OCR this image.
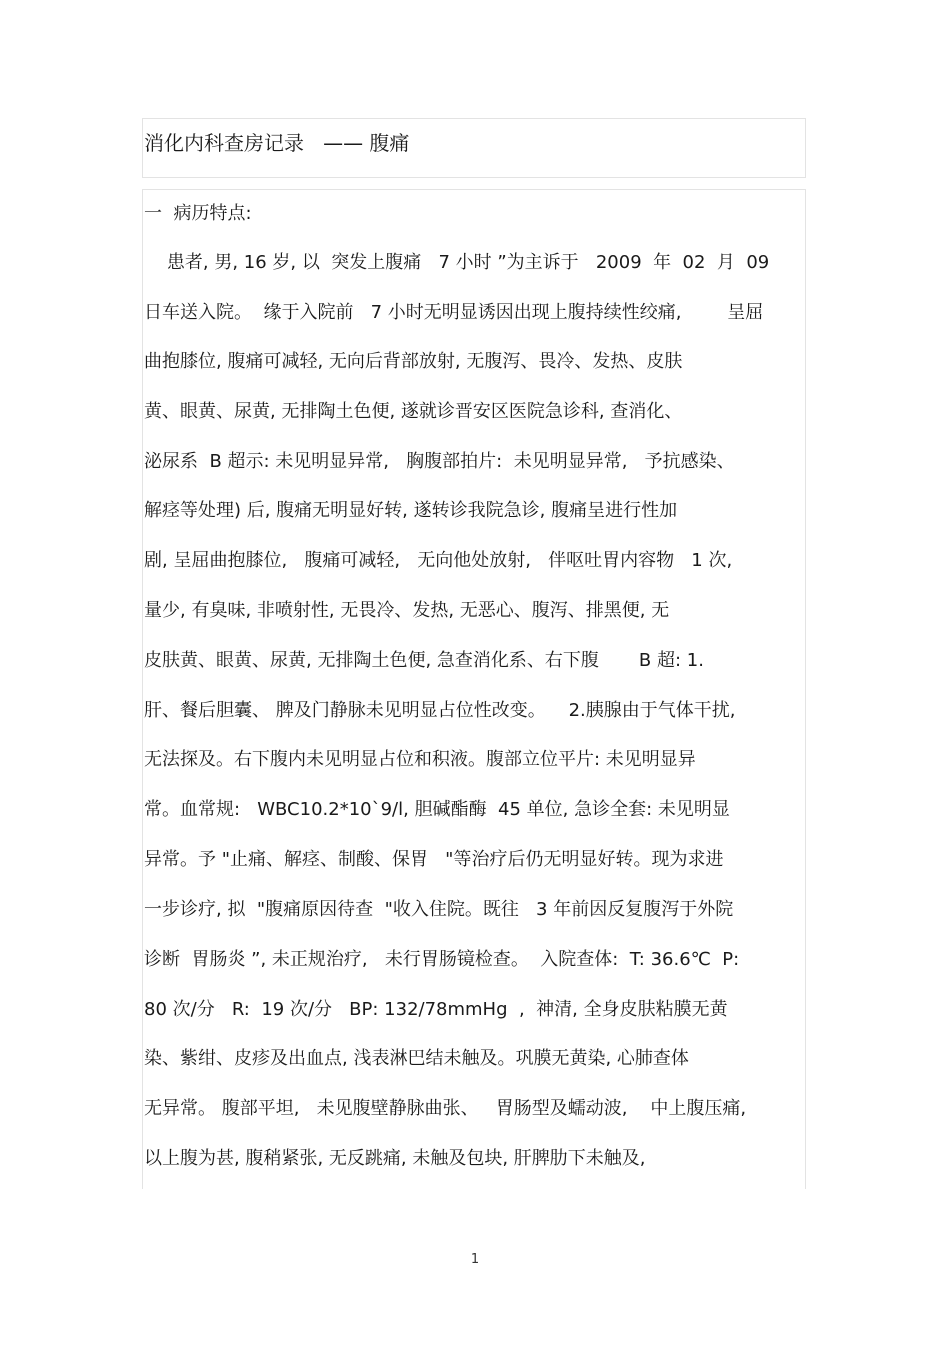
消化内科查房记录   —— 腹痛
一  病历特点:
患者, 男, 16 岁, 以  突发上腹痛   7 小时 ”为主诉于   2009  年  02  月  09
日车送入院。  缘于入院前   7 小时无明显诱因出现上腹持续性绞痛,        呈屈
曲抱膝位, 腹痛可减轻, 无向后背部放射, 无腹泻、畏冷、发热、皮肤
黄、眼黄、尿黄, 无排陶土色便, 遂就诊晋安区医院急诊科, 查消化、
泌尿系  B 超示: 未见明显异常,   胸腹部拍片:  未见明显异常,   予抗感染、
解痉等处理) 后, 腹痛无明显好转, 遂转诊我院急诊, 腹痛呈进行性加
剧, 呈屈曲抱膝位,   腹痛可减轻,   无向他处放射,   伴呕吐胃内容物   1 次,
量少, 有臭味, 非喷射性, 无畏冷、发热, 无恶心、腹泻、排黑便, 无
皮肤黄、眼黄、尿黄, 无排陶土色便, 急查消化系、右下腹       B 超: 1.
肝、餐后胆囊、 脾及门静脉未见明显占位性改变。    2.胰腺由于气体干扰,
无法探及。右下腹内未见明显占位和积液。腹部立位平片: 未见明显异
常。血常规:   WBC10.2*10`9/l, 胆碱酯酶  45 单位, 急诊全套: 未见明显
异常。予 "止痛、解痉、制酸、保胃   "等治疗后仍无明显好转。现为求进
一步诊疗, 拟  "腹痛原因待查  "收入住院。既往   3 年前因反复腹泻于外院
诊断  胃肠炎 ”, 未正规治疗,   未行胃肠镜检查。  入院查体:  T: 36.6℃  P:
80 次/分   R:  19 次/分   BP: 132/78mmHg  ,  神清, 全身皮肤粘膜无黄
染、紫绀、皮疹及出血点, 浅表淋巴结未触及。巩膜无黄染, 心肺查体
无异常。 腹部平坦,   未见腹壁静脉曲张、   胃肠型及蠕动波,    中上腹压痛,
以上腹为甚, 腹稍紧张, 无反跳痛, 未触及包块, 肝脾肋下未触及,
1
